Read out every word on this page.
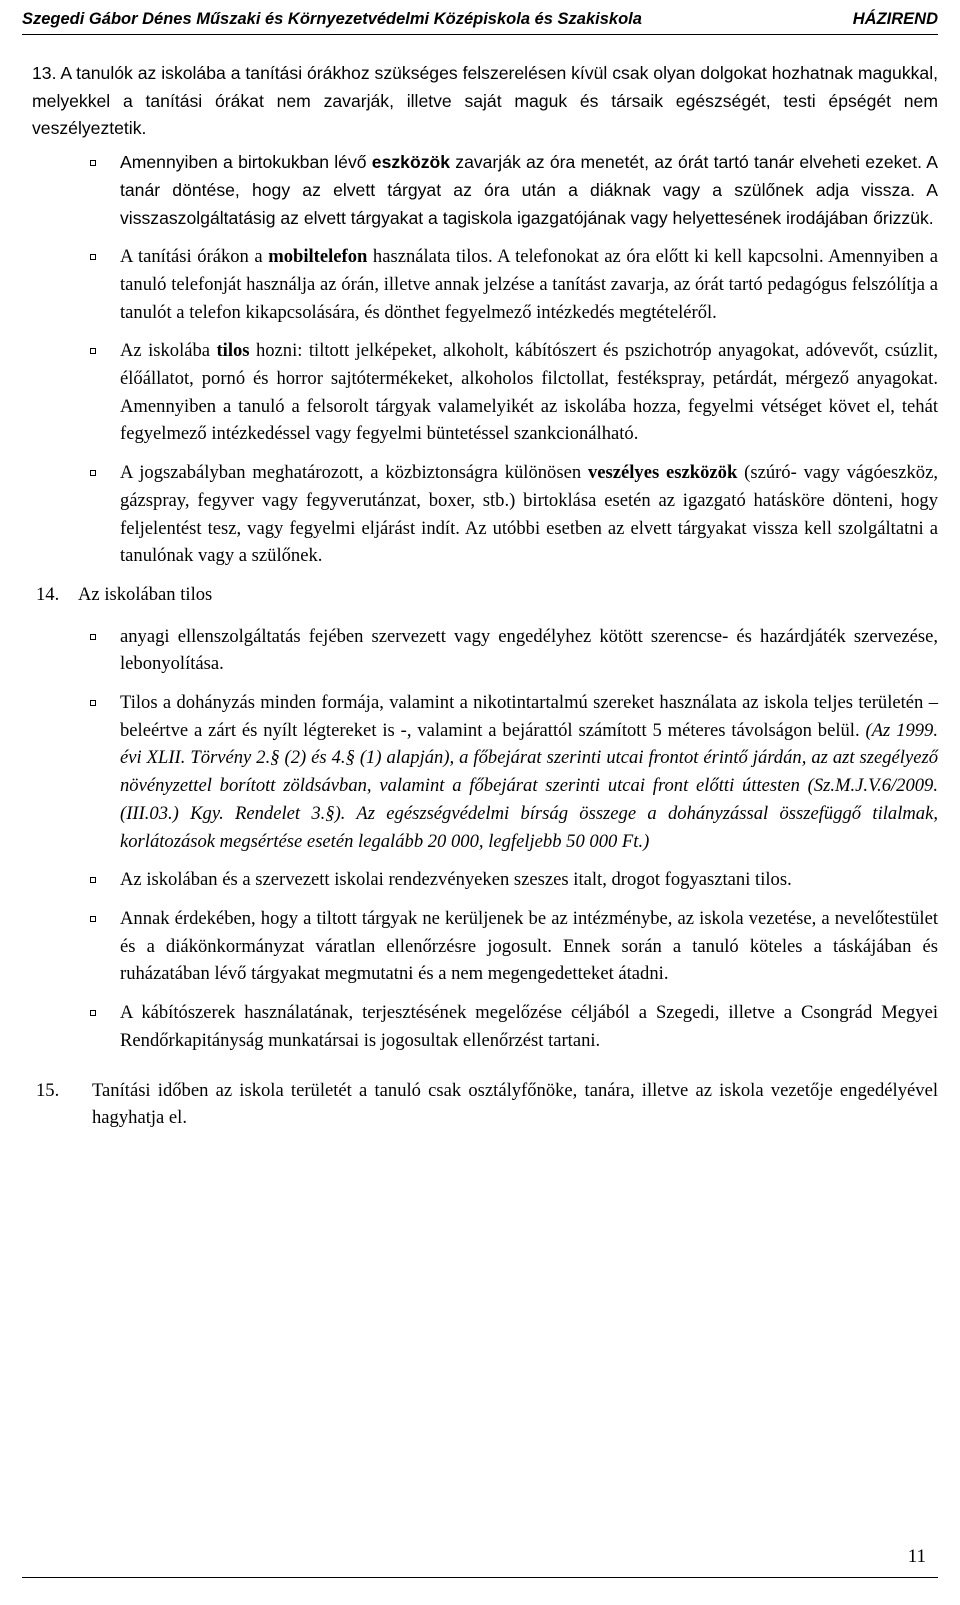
Szegedi Gábor Dénes Műszaki és Környezetvédelmi Középiskola és Szakiskola	HÁZIREND
13. A tanulók az iskolába a tanítási órákhoz szükséges felszerelésen kívül csak olyan dolgokat hozhatnak magukkal, melyekkel a tanítási órákat nem zavarják, illetve saját maguk és társaik egészségét, testi épségét nem veszélyeztetik.
Amennyiben a birtokukban lévő eszközök zavarják az óra menetét, az órát tartó tanár elveheti ezeket. A tanár döntése, hogy az elvett tárgyat az óra után a diáknak vagy a szülőnek adja vissza. A visszaszolgáltatásig az elvett tárgyakat a tagiskola igazgatójának vagy helyettesének irodájában őrizzük.
A tanítási órákon a mobiltelefon használata tilos. A telefonokat az óra előtt ki kell kapcsolni. Amennyiben a tanuló telefonját használja az órán, illetve annak jelzése a tanítást zavarja, az órát tartó pedagógus felszólítja a tanulót a telefon kikapcsolására, és dönthet fegyelmező intézkedés megtételéről.
Az iskolába tilos hozni: tiltott jelképeket, alkoholt, kábítószert és pszichotróp anyagokat, adóvevőt, csúzlit, élőállatot, pornó és horror sajtótermékeket, alkoholos filctollat, festékspray, petárdát, mérgező anyagokat. Amennyiben a tanuló a felsorolt tárgyak valamelyikét az iskolába hozza, fegyelmi vétséget követ el, tehát fegyelmező intézkedéssel vagy fegyelmi büntetéssel szankcionálható.
A jogszabályban meghatározott, a közbiztonságra különösen veszélyes eszközök (szúró- vagy vágóeszköz, gázspray, fegyver vagy fegyverutánzat, boxer, stb.) birtoklása esetén az igazgató hatásköre dönteni, hogy feljelentést tesz, vagy fegyelmi eljárást indít. Az utóbbi esetben az elvett tárgyakat vissza kell szolgáltatni a tanulónak vagy a szülőnek.
14. Az iskolában tilos
anyagi ellenszolgáltatás fejében szervezett vagy engedélyhez kötött szerencse- és hazárdjáték szervezése, lebonyolítása.
Tilos a dohányzás minden formája, valamint a nikotintartalmú szereket használata az iskola teljes területén – beleértve a zárt és nyílt légtereket is -, valamint a bejárattól számított 5 méteres távolságon belül. (Az 1999. évi XLII. Törvény 2.§ (2) és 4.§ (1) alapján), a főbejárat szerinti utcai frontot érintő járdán, az azt szegélyező növényzettel borított zöldsávban, valamint a főbejárat szerinti utcai front előtti úttesten (Sz.M.J.V.6/2009.(III.03.) Kgy. Rendelet 3.§). Az egészségvédelmi bírság összege a dohányzással összefüggő tilalmak, korlátozások megsértése esetén legalább 20 000, legfeljebb 50 000 Ft.)
Az iskolában és a szervezett iskolai rendezvényeken szeszes italt, drogot fogyasztani tilos.
Annak érdekében, hogy a tiltott tárgyak ne kerüljenek be az intézménybe, az iskola vezetése, a nevelőtestület és a diákönkormányzat váratlan ellenőrzésre jogosult. Ennek során a tanuló köteles a táskájában és ruházatában lévő tárgyakat megmutatni és a nem megengedetteket átadni.
A kábítószerek használatának, terjesztésének megelőzése céljából a Szegedi, illetve a Csongrád Megyei Rendőrkapitányság munkatársai is jogosultak ellenőrzést tartani.
15. Tanítási időben az iskola területét a tanuló csak osztályfőnöke, tanára, illetve az iskola vezetője engedélyével hagyhatja el.
11
